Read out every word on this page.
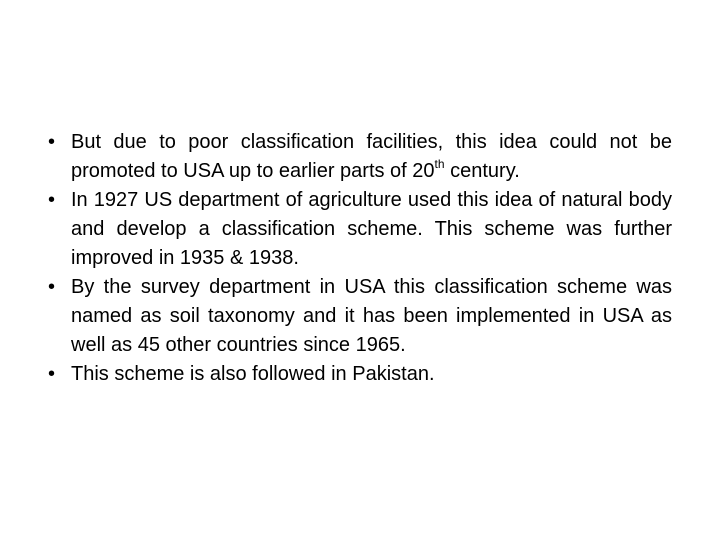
• But due to poor classification facilities, this idea could not be promoted to USA up to earlier parts of 20th century.
• In 1927 US department of agriculture used this idea of natural body and develop a classification scheme. This scheme was further improved in 1935 & 1938.
• By the survey department in USA this classification scheme was named as soil taxonomy and it has been implemented in USA as well as 45 other countries since 1965.
• This scheme is also followed in Pakistan.
